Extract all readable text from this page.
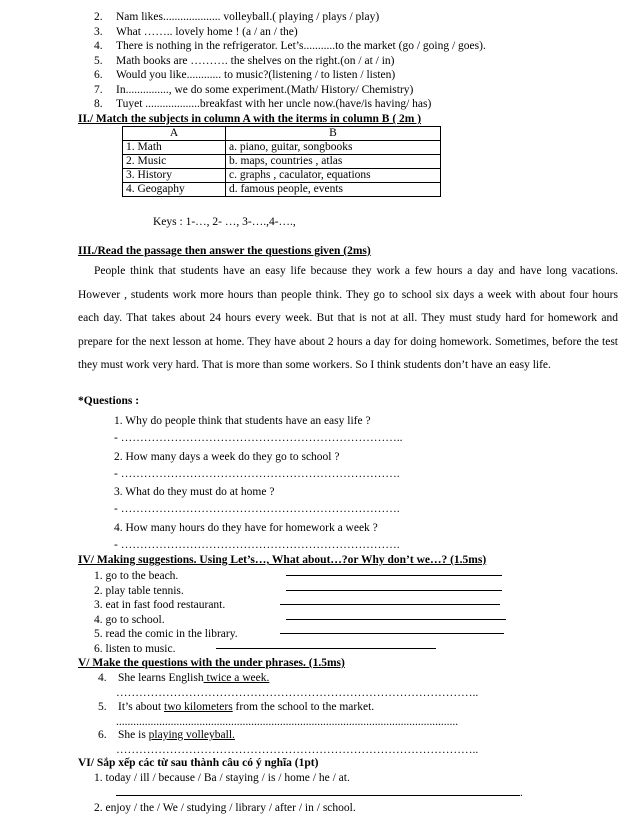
2. Nam likes.................... volleyball.( playing / plays / play)
3. What …….. lovely home ! (a / an / the)
4. There is nothing in the refrigerator. Let’s...........to the market (go / going / goes).
5. Math books are ………. the shelves on the right.(on / at / in)
6. Would you like............ to music?(listening / to listen / listen)
7. In..............., we do some experiment.(Math/ History/ Chemistry)
8. Tuyet ...................breakfast with her uncle now.(have/is having/ has)
II./ Match the subjects in column A with the iterms in column B ( 2m )
A	B
1. Math	a. piano, guitar, songbooks
2. Music	b. maps, countries , atlas
3. History	c. graphs , caculator, equations
4. Geogaphy	d. famous people, events
Keys : 1-…, 2- …, 3-….,4-….,
III./Read the passage then answer the questions given (2ms)
People think that students have an easy life because they work a few hours a day and have long vacations. However , students work more hours than people think. They go to school six days a week with about four hours each day. That takes about 24 hours every week. But that is not at all. They must study hard for homework and prepare for the next lesson at home. They have about 2 hours a day for doing homework. Sometimes, before the test they must work very hard. That is more than some workers. So I think students don’t have an easy life.
*Questions :
1. Why do people think that students have an easy life ?
- ………………………………………………………………..
2. How many days a week do they go to school ?
- ……………………………………………………………….
3. What do they must do at home ?
- ……………………………………………………………….
4. How many hours do they have for homework a week ?
- ……………………………………………………………….
IV/ Making suggestions. Using Let’s…, What about…?or Why don’t we…? (1.5ms)
1. go to the beach.
2. play table tennis.
3. eat in fast food restaurant.
4. go to school.
5. read the comic in the library.
6. listen to music.
V/ Make the questions with the under phrases. (1.5ms)
4. She learns English twice a week.
…………………………………………………………………………………..
5. It’s about two kilometers from the school to the market.
.......................................................................................................................
6. She is playing volleyball.
…………………………………………………………………………………..
VI/ Sắp xếp các từ sau thành câu có ý nghĩa (1pt)
1. today / ill / because / Ba / staying / is / home / he / at.
.
2. enjoy / the / We / studying / library / after / in / school.
